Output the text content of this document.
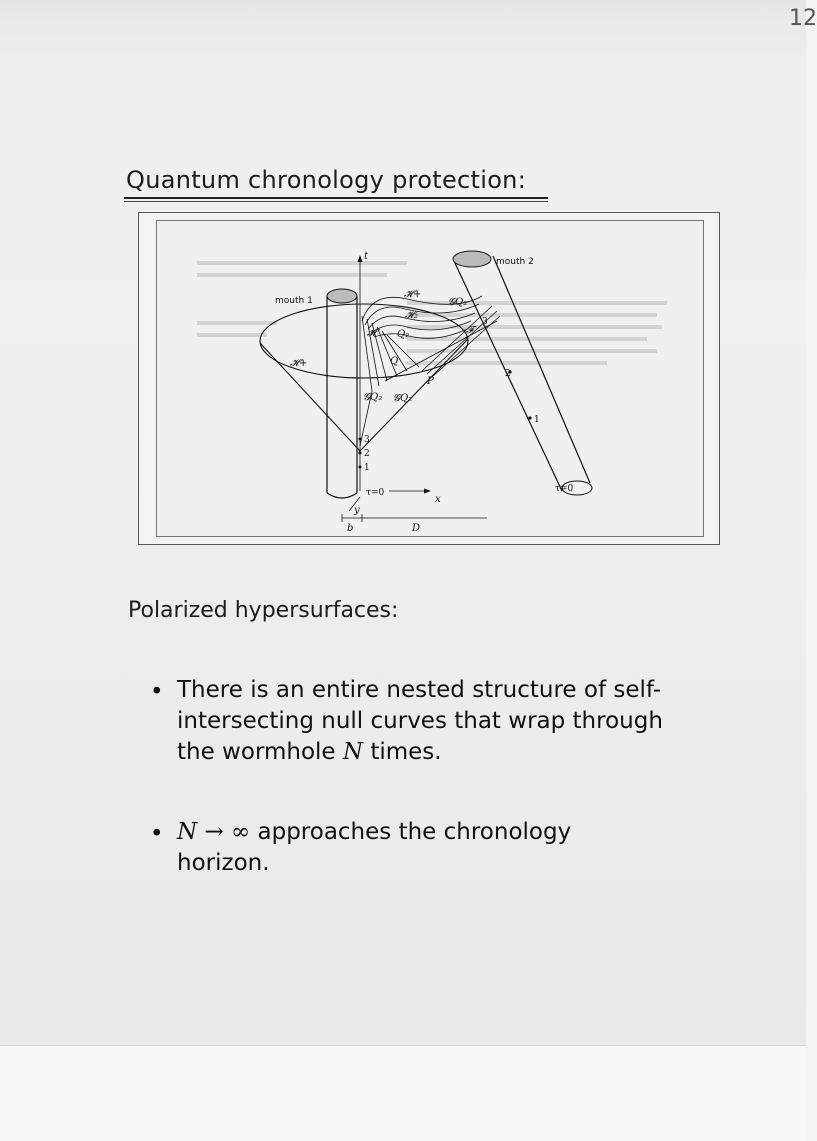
12
Quantum chronology protection:
mouth 1
mouth 2
t
x
y
b	D
τ=0	τ=0
3
2
1
3
2
1
𝓗+
𝓗+
𝓖Q₂
𝓖Q₂ 𝓖Q₂
P
𝓕
Q₂
𝓗₂
𝓗
Q
Polarized hypersurfaces:
• There is an entire nested structure of self-
intersecting null curves that wrap through
the wormhole N times.
• N → ∞ approaches the chronology
horizon.
